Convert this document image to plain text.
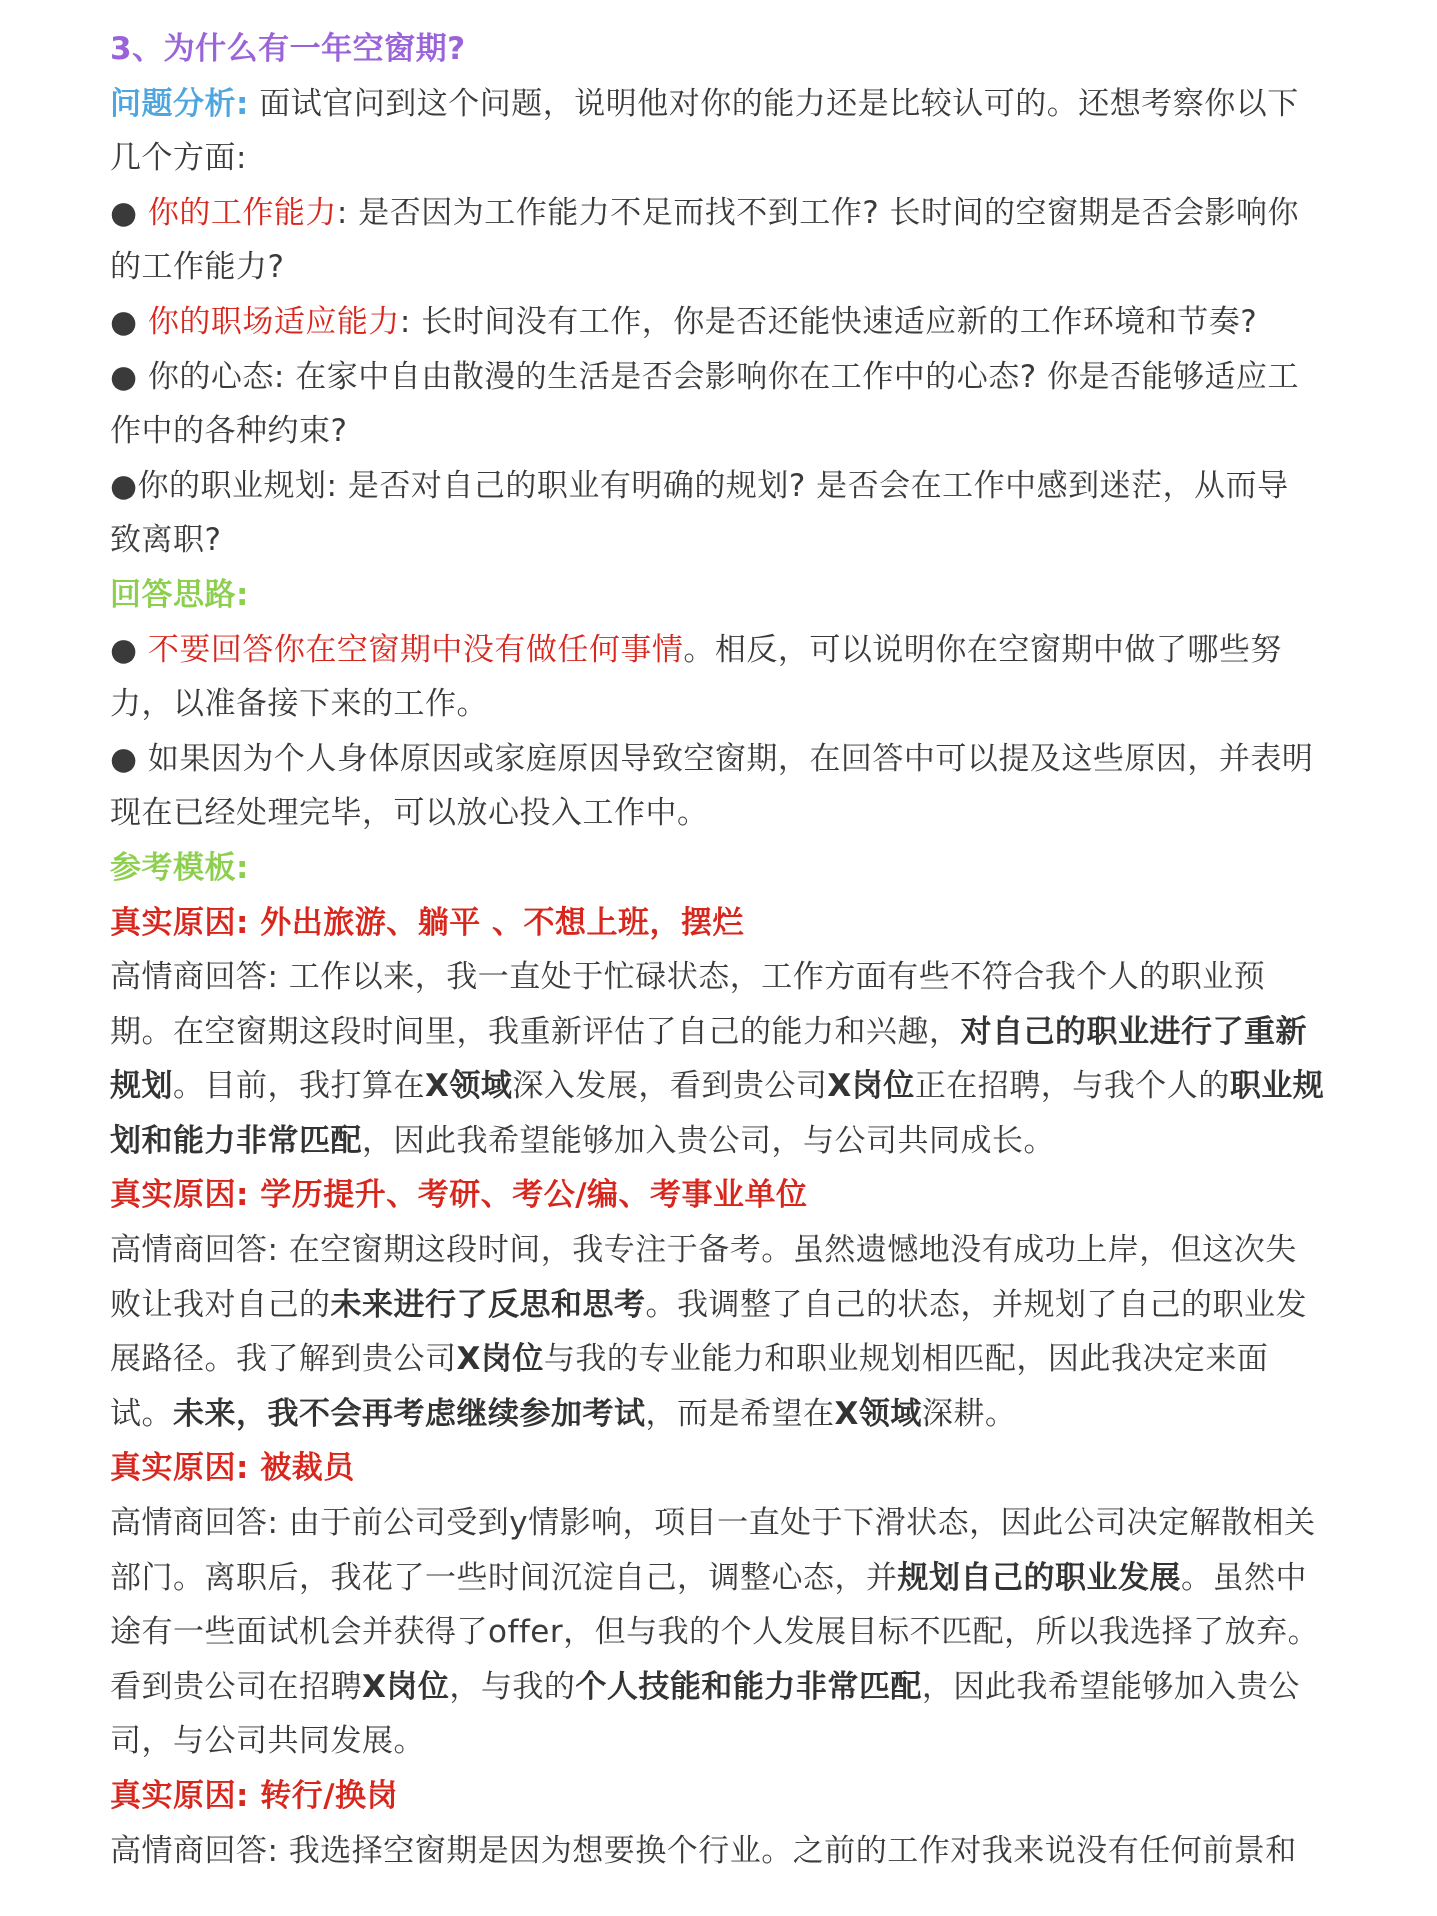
3、为什么有一年空窗期?
问题分析: 面试官问到这个问题，说明他对你的能力还是比较认可的。还想考察你以下
几个方面:
● 你的工作能力: 是否因为工作能力不足而找不到工作? 长时间的空窗期是否会影响你
的工作能力?
● 你的职场适应能力: 长时间没有工作，你是否还能快速适应新的工作环境和节奏?
● 你的心态: 在家中自由散漫的生活是否会影响你在工作中的心态? 你是否能够适应工
作中的各种约束?
●你的职业规划: 是否对自己的职业有明确的规划? 是否会在工作中感到迷茫，从而导
致离职?
回答思路:
● 不要回答你在空窗期中没有做任何事情。相反，可以说明你在空窗期中做了哪些努
力，以准备接下来的工作。
● 如果因为个人身体原因或家庭原因导致空窗期，在回答中可以提及这些原因，并表明
现在已经处理完毕，可以放心投入工作中。
参考模板:
真实原因: 外出旅游、躺平 、不想上班，摆烂
高情商回答: 工作以来，我一直处于忙碌状态，工作方面有些不符合我个人的职业预
期。在空窗期这段时间里，我重新评估了自己的能力和兴趣，对自己的职业进行了重新
规划。目前，我打算在X领域深入发展，看到贵公司X岗位正在招聘，与我个人的职业规
划和能力非常匹配，因此我希望能够加入贵公司，与公司共同成长。
真实原因: 学历提升、考研、考公/编、考事业单位
高情商回答: 在空窗期这段时间，我专注于备考。虽然遗憾地没有成功上岸，但这次失
败让我对自己的未来进行了反思和思考。我调整了自己的状态，并规划了自己的职业发
展路径。我了解到贵公司X岗位与我的专业能力和职业规划相匹配，因此我决定来面
试。未来，我不会再考虑继续参加考试，而是希望在X领域深耕。
真实原因: 被裁员
高情商回答: 由于前公司受到y情影响，项目一直处于下滑状态，因此公司决定解散相关
部门。离职后，我花了一些时间沉淀自己，调整心态，并规划自己的职业发展。虽然中
途有一些面试机会并获得了offer，但与我的个人发展目标不匹配，所以我选择了放弃。
看到贵公司在招聘X岗位，与我的个人技能和能力非常匹配，因此我希望能够加入贵公
司，与公司共同发展。
真实原因: 转行/换岗
高情商回答: 我选择空窗期是因为想要换个行业。之前的工作对我来说没有任何前景和
